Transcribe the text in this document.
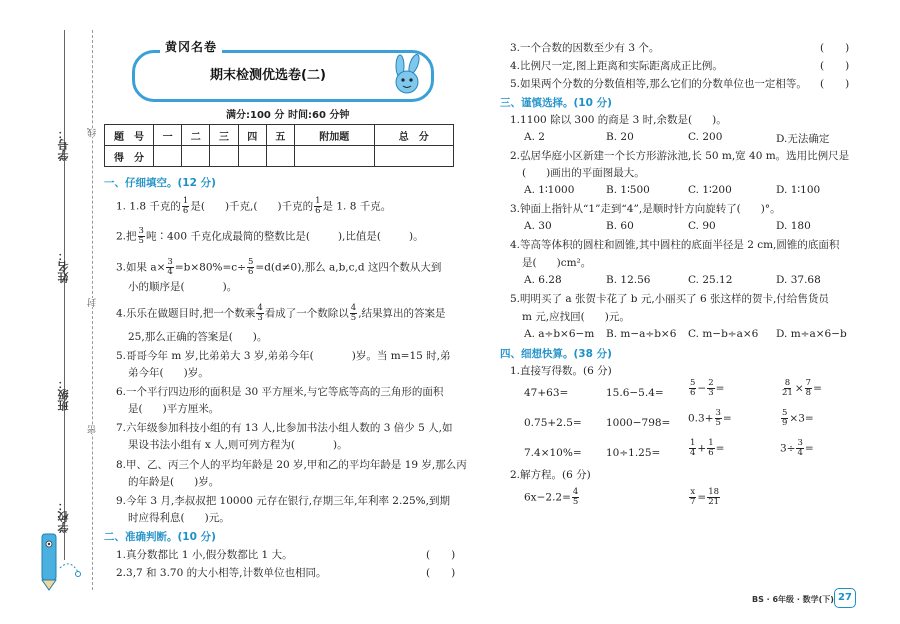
学号：
姓名：
班级：
学校：
线
封
密
黄冈名卷
期末检测优选卷(二)
满分:100 分 时间:60 分钟
题　号	一	二	三	四	五	附加题	总　分
得　分							
一、仔细填空。(12 分)
1. 1.8 千克的 $\frac{1}{6}$ 是( )千克,( )千克的 $\frac{1}{6}$ 是 1. 8 千克。
2.把 $\frac{3}{5}$ 吨∶400 千克化成最简的整数比是(	),比值是(	)。
3.如果 $a\times \frac{3}{4} =b\times 80\%=c\div \frac{5}{6} =d(d\ne 0)$,那么 a,b,c,d 这四个数从大到
小的顺序是(	)。
4.乐乐在做题目时,把一个数乘 $\frac{4}{3}$ 看成了一个数除以 $\frac{4}{5}$ ,结果算出的答案是
25,那么正确的答案是( )。
5.哥哥今年 m 岁,比弟弟大 3 岁,弟弟今年(	)岁。当 m=15 时,弟
弟今年( )岁。
6.一个平行四边形的面积是 30 平方厘米,与它等底等高的三角形的面积
是( )平方厘米。
7.六年级参加科技小组的有 13 人,比参加书法小组人数的 3 倍少 5 人,如
果设书法小组有 x 人,则可列方程为(	)。
8.甲、乙、丙三个人的平均年龄是 20 岁,甲和乙的平均年龄是 19 岁,那么丙
的年龄是( )岁。
9.今年 3 月,李叔叔把 10000 元存在银行,存期三年,年利率 2.25%,到期
时应得利息( )元。
二、准确判断。(10 分)
1.真分数都比 1 小,假分数都比 1 大。	(　　)
2.3,7 和 3.70 的大小相等,计数单位也相同。	(　　)
3.一个合数的因数至少有 3 个。	(　　)
4.比例尺一定,图上距离和实际距离成正比例。	(　　)
5.如果两个分数的分数值相等,那么它们的分数单位也一定相等。 (　　)
三、谨慎选择。(10 分)
1.1100 除以 300 的商是 3 时,余数是( )。
A. 2	B. 20	C. 200	D.无法确定
2.弘居华庭小区新建一个长方形游泳池,长 50 m,宽 40 m。选用比例尺是
( )画出的平面图最大。
A. 1∶1000	B. 1∶500	C. 1∶200	D. 1∶100
3.钟面上指针从“1”走到“4”,是顺时针方向旋转了( )°。
A. 30	B. 60	C. 90	D. 180
4.等高等体积的圆柱和圆锥,其中圆柱的底面半径是 2 cm,圆锥的底面积
是( )cm²。
A. 6.28	B. 12.56	C. 25.12	D. 37.68
5.明明买了 a 张贺卡花了 b 元,小丽买了 6 张这样的贺卡,付给售货员
m 元,应找回( )元。
A. a÷b×6−m B. m−a÷b×6 C. m−b÷a×6 D. m÷a×6−b
四、细想快算。(38 分)
1.直接写得数。(6 分)
47+63=	15.6−5.4=	$\frac{5}{6} - \frac{2}{3}$ =	$\frac{8}{21} \times \frac{7}{8}$ =
$0.75+2.5= 1000-798= 0.3+ \frac{3}{5}$ =	$\frac{5}{9} \times 3=$
7.4×10%= 10÷1.25=	$\frac{1}{4} + \frac{1}{6}$ =	$3\div \frac{3}{4}$ =
2.解方程。(6 分)
$6x-2.2= \frac{4}{5}$	$\frac{x}{7} = \frac{18}{21}$
BS · 6年级 · 数学(下) 27
